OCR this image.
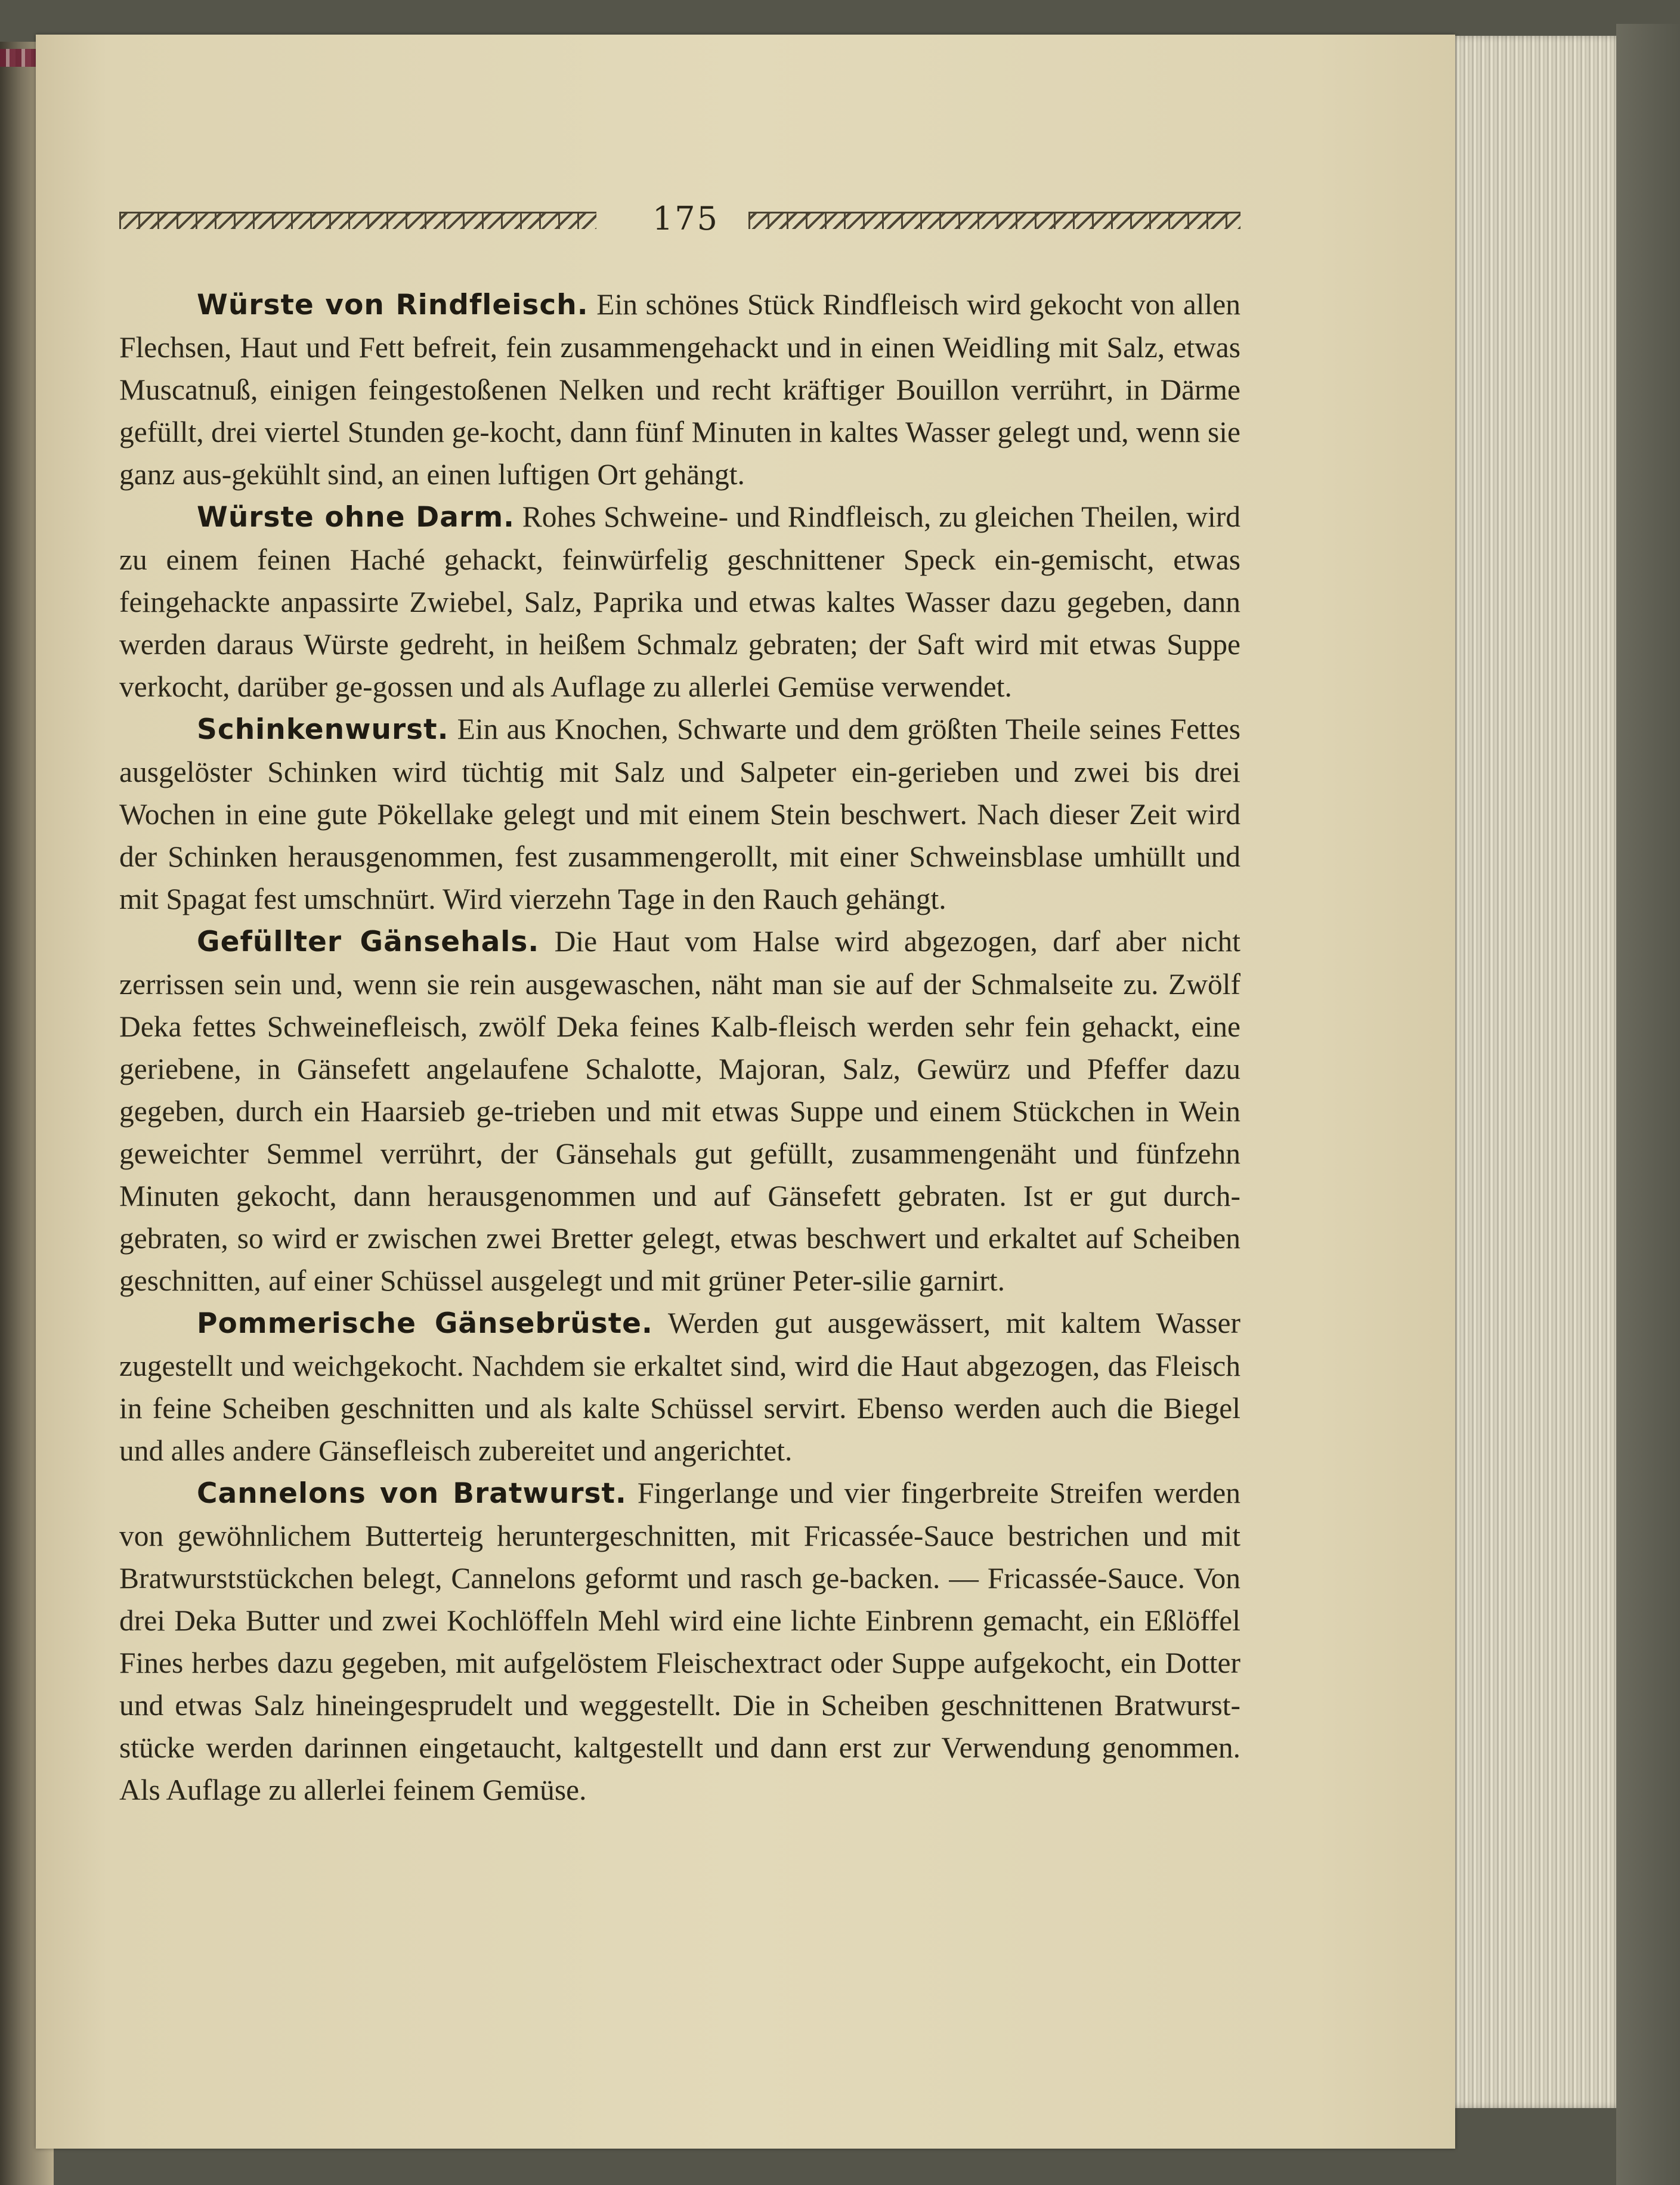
175

Würste von Rindfleisch. Ein schönes Stück Rindfleisch wird gekocht von allen Flechsen, Haut und Fett befreit, fein zusammengehackt und in einen Weidling mit Salz, etwas Muscatnuß, einigen feingestoßenen Nelken und recht kräftiger Bouillon verrührt, in Därme gefüllt, drei viertel Stunden ge-kocht, dann fünf Minuten in kaltes Wasser gelegt und, wenn sie ganz aus-gekühlt sind, an einen luftigen Ort gehängt.

Würste ohne Darm. Rohes Schweine- und Rindfleisch, zu gleichen Theilen, wird zu einem feinen Haché gehackt, feinwürfelig geschnittener Speck ein-gemischt, etwas feingehackte anpassirte Zwiebel, Salz, Paprika und etwas kaltes Wasser dazu gegeben, dann werden daraus Würste gedreht, in heißem Schmalz gebraten; der Saft wird mit etwas Suppe verkocht, darüber ge-gossen und als Auflage zu allerlei Gemüse verwendet.

Schinkenwurst. Ein aus Knochen, Schwarte und dem größten Theile seines Fettes ausgelöster Schinken wird tüchtig mit Salz und Salpeter ein-gerieben und zwei bis drei Wochen in eine gute Pökellake gelegt und mit einem Stein beschwert. Nach dieser Zeit wird der Schinken herausgenommen, fest zusammengerollt, mit einer Schweinsblase umhüllt und mit Spagat fest umschnürt. Wird vierzehn Tage in den Rauch gehängt.

Gefüllter Gänsehals. Die Haut vom Halse wird abgezogen, darf aber nicht zerrissen sein und, wenn sie rein ausgewaschen, näht man sie auf der Schmalseite zu. Zwölf Deka fettes Schweinefleisch, zwölf Deka feines Kalb-fleisch werden sehr fein gehackt, eine geriebene, in Gänsefett angelaufene Schalotte, Majoran, Salz, Gewürz und Pfeffer dazu gegeben, durch ein Haarsieb ge-trieben und mit etwas Suppe und einem Stückchen in Wein geweichter Semmel verrührt, der Gänsehals gut gefüllt, zusammengenäht und fünfzehn Minuten gekocht, dann herausgenommen und auf Gänsefett gebraten. Ist er gut durch-gebraten, so wird er zwischen zwei Bretter gelegt, etwas beschwert und erkaltet auf Scheiben geschnitten, auf einer Schüssel ausgelegt und mit grüner Peter-silie garnirt.

Pommerische Gänsebrüste. Werden gut ausgewässert, mit kaltem Wasser zugestellt und weichgekocht. Nachdem sie erkaltet sind, wird die Haut abgezogen, das Fleisch in feine Scheiben geschnitten und als kalte Schüssel servirt. Ebenso werden auch die Biegel und alles andere Gänsefleisch zubereitet und angerichtet.

Cannelons von Bratwurst. Fingerlange und vier fingerbreite Streifen werden von gewöhnlichem Butterteig heruntergeschnitten, mit Fricassée-Sauce bestrichen und mit Bratwurststückchen belegt, Cannelons geformt und rasch ge-backen. — Fricassée-Sauce. Von drei Deka Butter und zwei Kochlöffeln Mehl wird eine lichte Einbrenn gemacht, ein Eßlöffel Fines herbes dazu gegeben, mit aufgelöstem Fleischextract oder Suppe aufgekocht, ein Dotter und etwas Salz hineingesprudelt und weggestellt. Die in Scheiben geschnittenen Bratwurst-stücke werden darinnen eingetaucht, kaltgestellt und dann erst zur Verwendung genommen. Als Auflage zu allerlei feinem Gemüse.
